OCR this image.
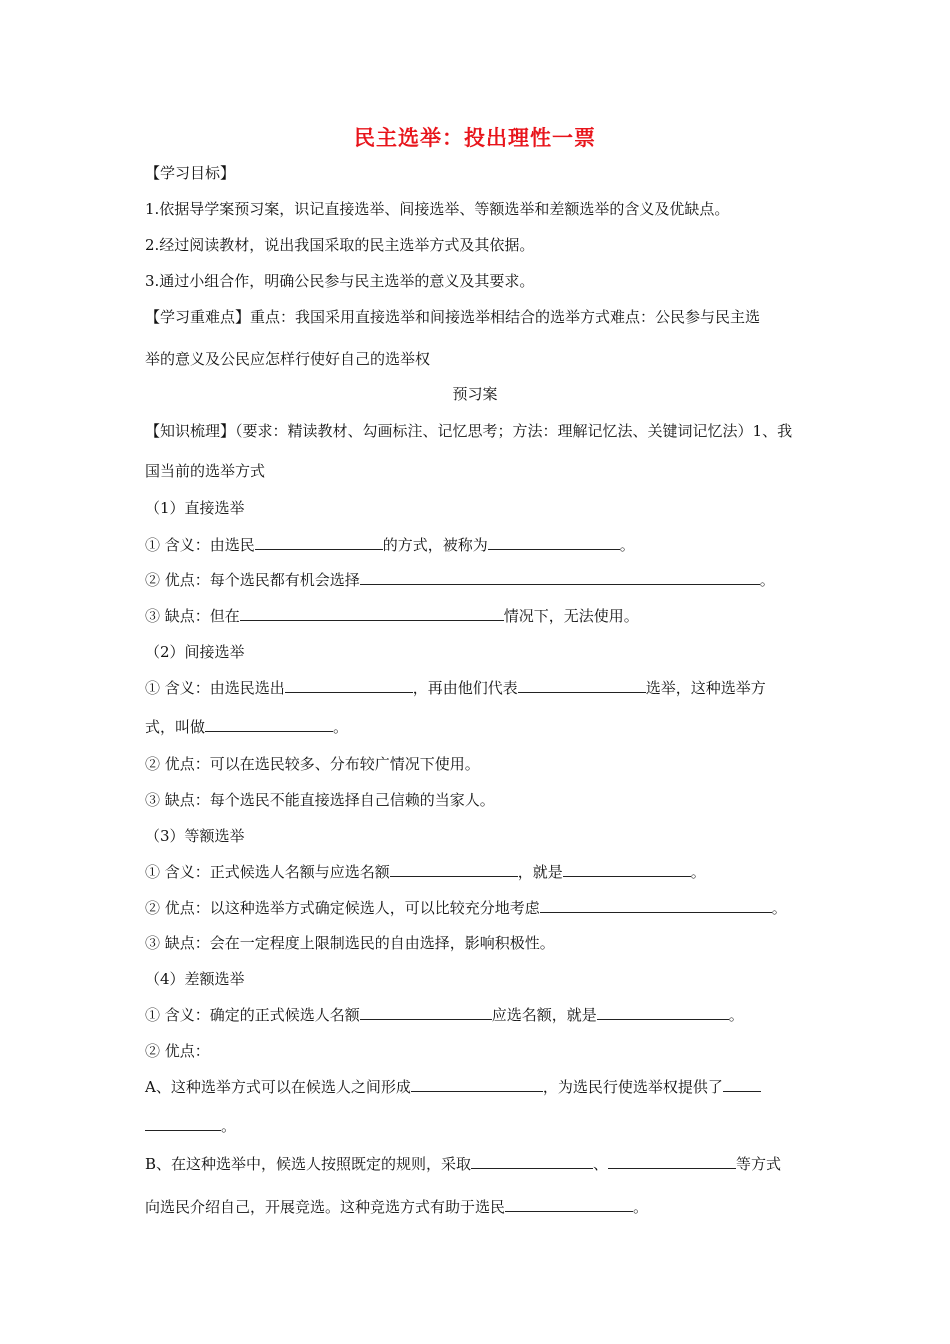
民主选举：投出理性一票
【学习目标】
1.依据导学案预习案，识记直接选举、间接选举、等额选举和差额选举的含义及优缺点。
2.经过阅读教材，说出我国采取的民主选举方式及其依据。
3.通过小组合作，明确公民参与民主选举的意义及其要求。
【学习重难点】重点：我国采用直接选举和间接选举相结合的选举方式难点：公民参与民主选
举的意义及公民应怎样行使好自己的选举权
预习案
【知识梳理】（要求：精读教材、勾画标注、记忆思考；方法：理解记忆法、关键词记忆法）1、我
国当前的选举方式
（1）直接选举
① 含义：由选民	的方式，被称为	。
② 优点：每个选民都有机会选择	。
③ 缺点：但在	情况下，无法使用。
（2）间接选举
① 含义：由选民选出	，再由他们代表	选举，这种选举方
式，叫做	。
② 优点：可以在选民较多、分布较广情况下使用。
③ 缺点：每个选民不能直接选择自己信赖的当家人。
（3）等额选举
① 含义：正式候选人名额与应选名额	，就是	。
② 优点：以这种选举方式确定候选人，可以比较充分地考虑	。
③ 缺点：会在一定程度上限制选民的自由选择，影响积极性。
（4）差额选举
① 含义：确定的正式候选人名额	应选名额，就是	。
② 优点：
A、这种选举方式可以在候选人之间形成	，为选民行使选举权提供了
。
B、在这种选举中，候选人按照既定的规则，采取	、	等方式
向选民介绍自己，开展竞选。这种竞选方式有助于选民	。
